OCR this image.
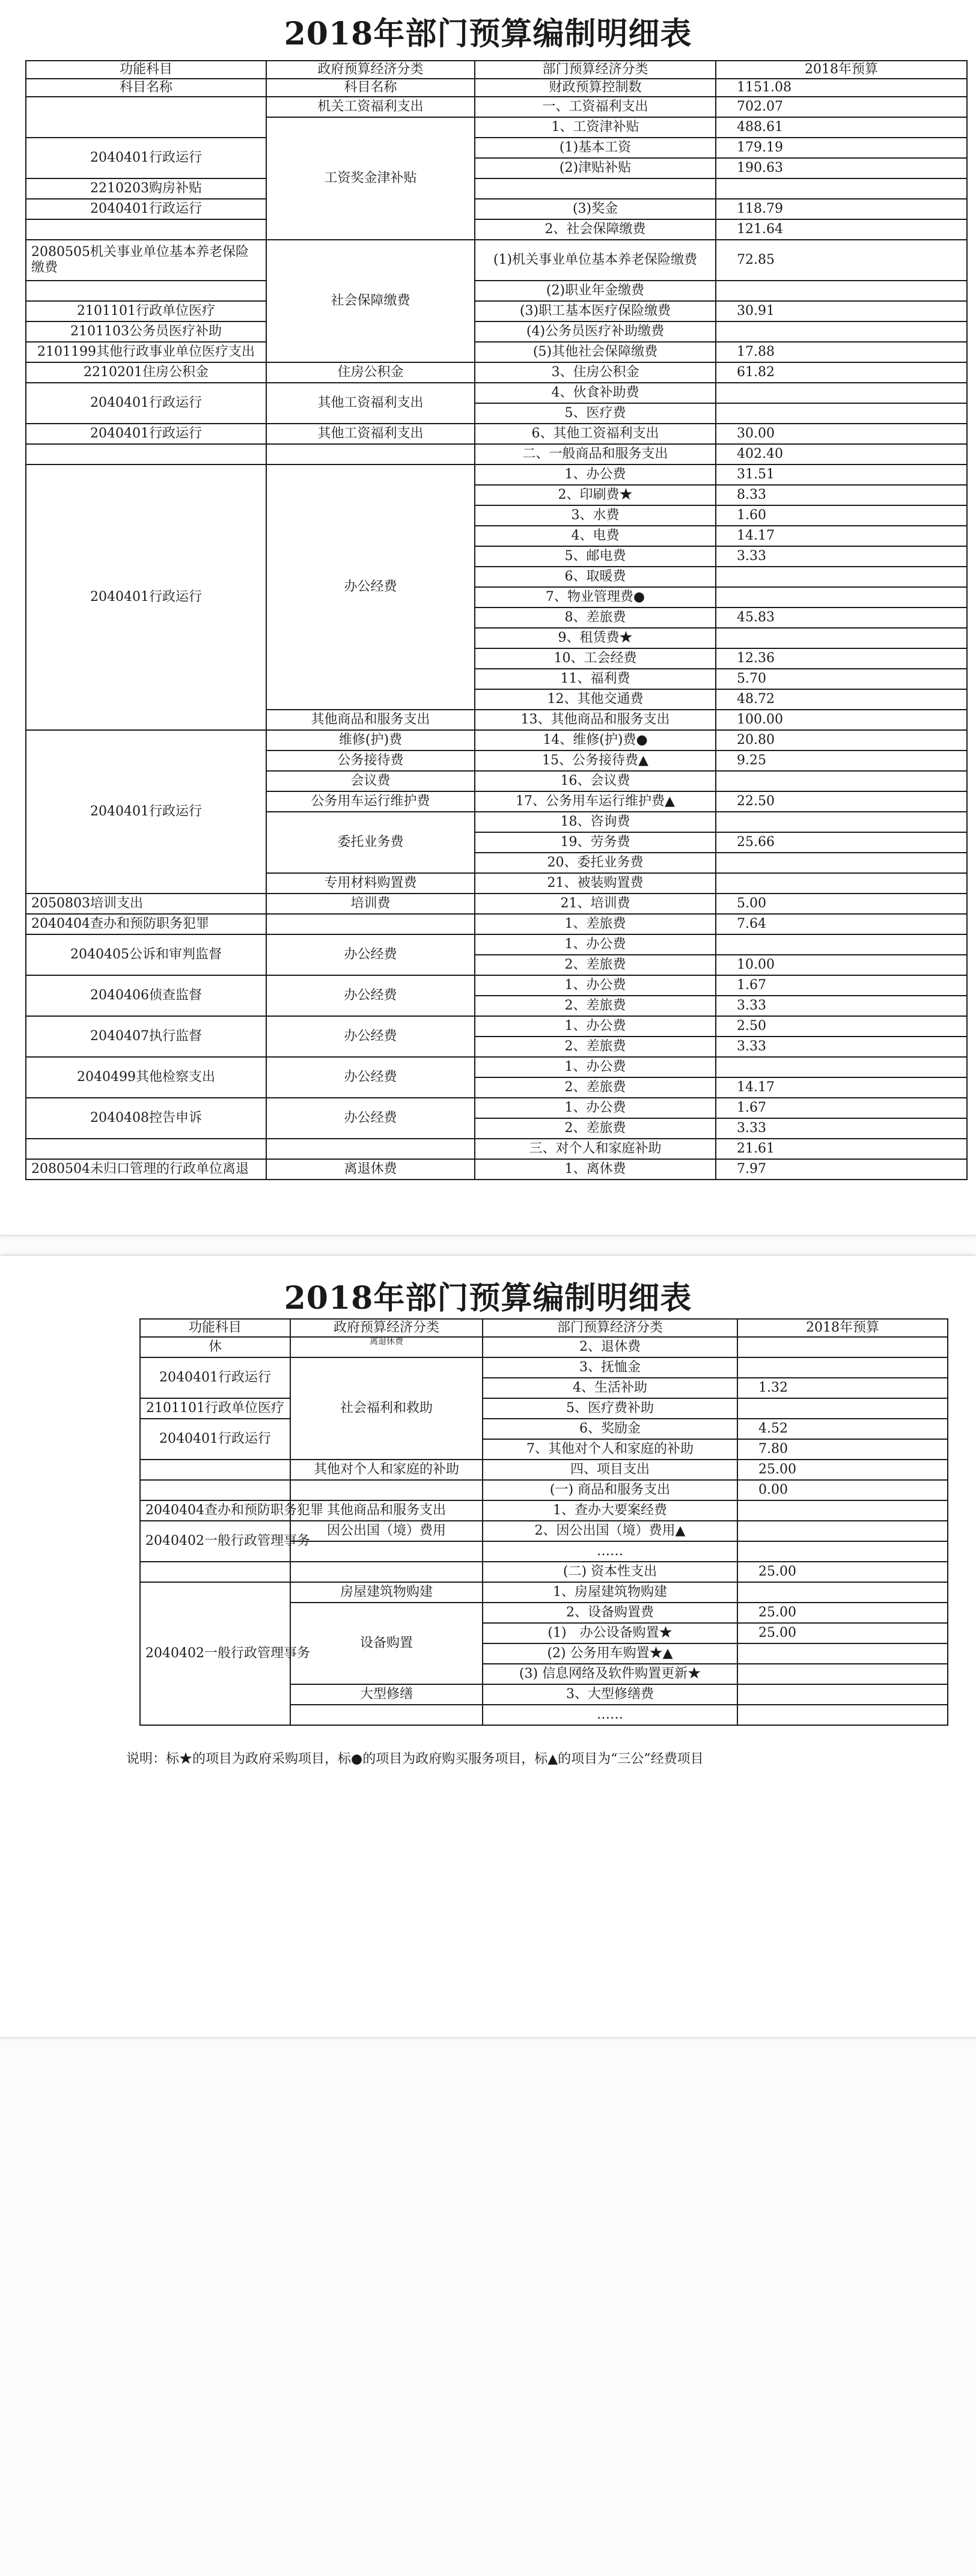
2018年部门预算编制明细表
功能科目	政府预算经济分类	部门预算经济分类	2018年预算
科目名称	科目名称	财政预算控制数	1151.08
	机关工资福利支出	一、工资福利支出	702.07
	工资奖金津补贴	1、工资津补贴	488.61
2040401行政运行		(1)基本工资	179.19
		(2)津贴补贴	190.63
2210203购房补贴			
2040401行政运行		(3)奖金	118.79
		2、社会保障缴费	121.64
2080505机关事业单位基本养老保险缴费	社会保障缴费	(1)机关事业单位基本养老保险缴费	72.85
		(2)职业年金缴费	
2101101行政单位医疗		(3)职工基本医疗保险缴费	30.91
2101103公务员医疗补助		(4)公务员医疗补助缴费	
2101199其他行政事业单位医疗支出		(5)其他社会保障缴费	17.88
2210201住房公积金	住房公积金	3、住房公积金	61.82
2040401行政运行	其他工资福利支出	4、伙食补助费	
		5、医疗费	
2040401行政运行	其他工资福利支出	6、其他工资福利支出	30.00
		二、一般商品和服务支出	402.40
2040401行政运行	办公经费	1、办公费	31.51
		2、印刷费★	8.33
		3、水费	1.60
		4、电费	14.17
		5、邮电费	3.33
		6、取暖费	
		7、物业管理费●	
		8、差旅费	45.83
		9、租赁费★	
		10、工会经费	12.36
		11、福利费	5.70
		12、其他交通费	48.72
	其他商品和服务支出	13、其他商品和服务支出	100.00
2040401行政运行	维修(护)费	14、维修(护)费●	20.80
	公务接待费	15、公务接待费▲	9.25
	会议费	16、会议费	
	公务用车运行维护费	17、公务用车运行维护费▲	22.50
	委托业务费	18、咨询费	
		19、劳务费	25.66
		20、委托业务费	
	专用材料购置费	21、被装购置费	
2050803培训支出	培训费	21、培训费	5.00
2040404查办和预防职务犯罪		1、差旅费	7.64
2040405公诉和审判监督	办公经费	1、办公费	
		2、差旅费	10.00
2040406侦查监督	办公经费	1、办公费	1.67
		2、差旅费	3.33
2040407执行监督	办公经费	1、办公费	2.50
		2、差旅费	3.33
2040499其他检察支出	办公经费	1、办公费	
		2、差旅费	14.17
2040408控告申诉	办公经费	1、办公费	1.67
		2、差旅费	3.33
		三、对个人和家庭补助	21.61
2080504未归口管理的行政单位离退	离退休费	1、离休费	7.97
2018年部门预算编制明细表
功能科目	政府预算经济分类	部门预算经济分类	2018年预算
休	离退休费	2、退休费	
2040401行政运行	社会福利和救助	3、抚恤金	
		4、生活补助	1.32
2101101行政单位医疗		5、医疗费补助	
2040401行政运行		6、奖励金	4.52
		7、其他对个人和家庭的补助	7.80
	其他对个人和家庭的补助	四、项目支出	25.00
		(一) 商品和服务支出	0.00
2040404查办和预防职务犯罪	其他商品和服务支出	1、查办大要案经费	
2040402一般行政管理事务	因公出国（境）费用	2、因公出国（境）费用▲	
		……	
		(二) 资本性支出	25.00
2040402一般行政管理事务	房屋建筑物购建	1、房屋建筑物购建	
	设备购置	2、设备购置费	25.00
		(1)　办公设备购置★	25.00
		(2) 公务用车购置★▲	
		(3) 信息网络及软件购置更新★	
	大型修缮	3、大型修缮费	
		……	
说明：标★的项目为政府采购项目，标●的项目为政府购买服务项目，标▲的项目为“三公”经费项目
